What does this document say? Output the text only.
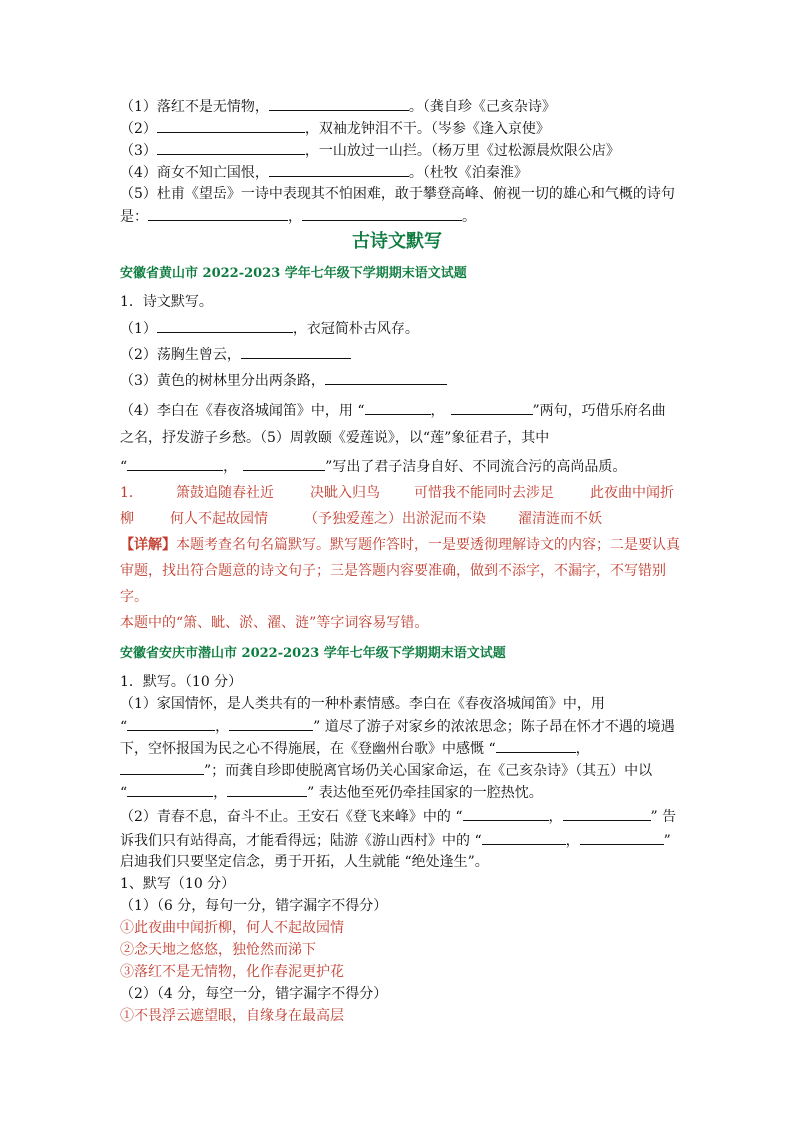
（1）落红不是无情物，	。（龚自珍《己亥杂诗》
（2）	，双袖龙钟泪不干。（岑参《逢入京使》
（3）	，一山放过一山拦。（杨万里《过松源晨炊限公店》
（4）商女不知亡国恨，	。（杜牧《泊秦淮》
（5）杜甫《望岳》一诗中表现其不怕困难，敢于攀登高峰、俯视一切的雄心和气概的诗句
是：	，	。
古诗文默写
安徽省黄山市 2022-2023 学年七年级下学期期末语文试题
1．诗文默写。
（1）	，衣冠简朴古风存。
（2）荡胸生曾云，
（3）黄色的树林里分出两条路，
（4）李白在《春夜洛城闻笛》中，用 “	，	”两句，巧借乐府名曲
之名，抒发游子乡愁。（5）周敦颐《爱莲说》，以“莲”象征君子，其中
“	，	”写出了君子洁身自好、不同流合污的高尚品质。
1． 箫鼓追随春社近	决眦入归鸟 可惜我不能同时去涉足	此夜曲中闻折
柳	何人不起故园情	（予独爱莲之）出淤泥而不染 濯清涟而不妖
【详解】本题考查名句名篇默写。默写题作答时，一是要透彻理解诗文的内容；二是要认真
审题，找出符合题意的诗文句子；三是答题内容要准确，做到不添字，不漏字，不写错别字。
本题中的“箫、眦、淤、濯、涟”等字词容易写错。
安徽省安庆市潜山市 2022-2023 学年七年级下学期期末语文试题
1．默写。（10 分）
（1）家国情怀，是人类共有的一种朴素情感。李白在《春夜洛城闻笛》中，用
“	，	” 道尽了游子对家乡的浓浓思念；陈子昂在怀才不遇的境遇
下，空怀报国为民之心不得施展，在《登幽州台歌》中感慨 “	，
”；而龚自珍即使脱离官场仍关心国家命运，在《己亥杂诗》（其五）中以
“	，	” 表达他至死仍牵挂国家的一腔热忱。
（2）青春不息，奋斗不止。王安石《登飞来峰》中的 “	，	” 告
诉我们只有站得高，才能看得远；陆游《游山西村》中的 “	，	”
启迪我们只要坚定信念，勇于开拓，人生就能 “绝处逢生”。
1、默写（10 分）
（1）（6 分，每句一分，错字漏字不得分）
①此夜曲中闻折柳，何人不起故园情
②念天地之悠悠，独怆然而涕下
③落红不是无情物，化作春泥更护花
（2）（4 分，每空一分，错字漏字不得分）
①不畏浮云遮望眼，自缘身在最高层
